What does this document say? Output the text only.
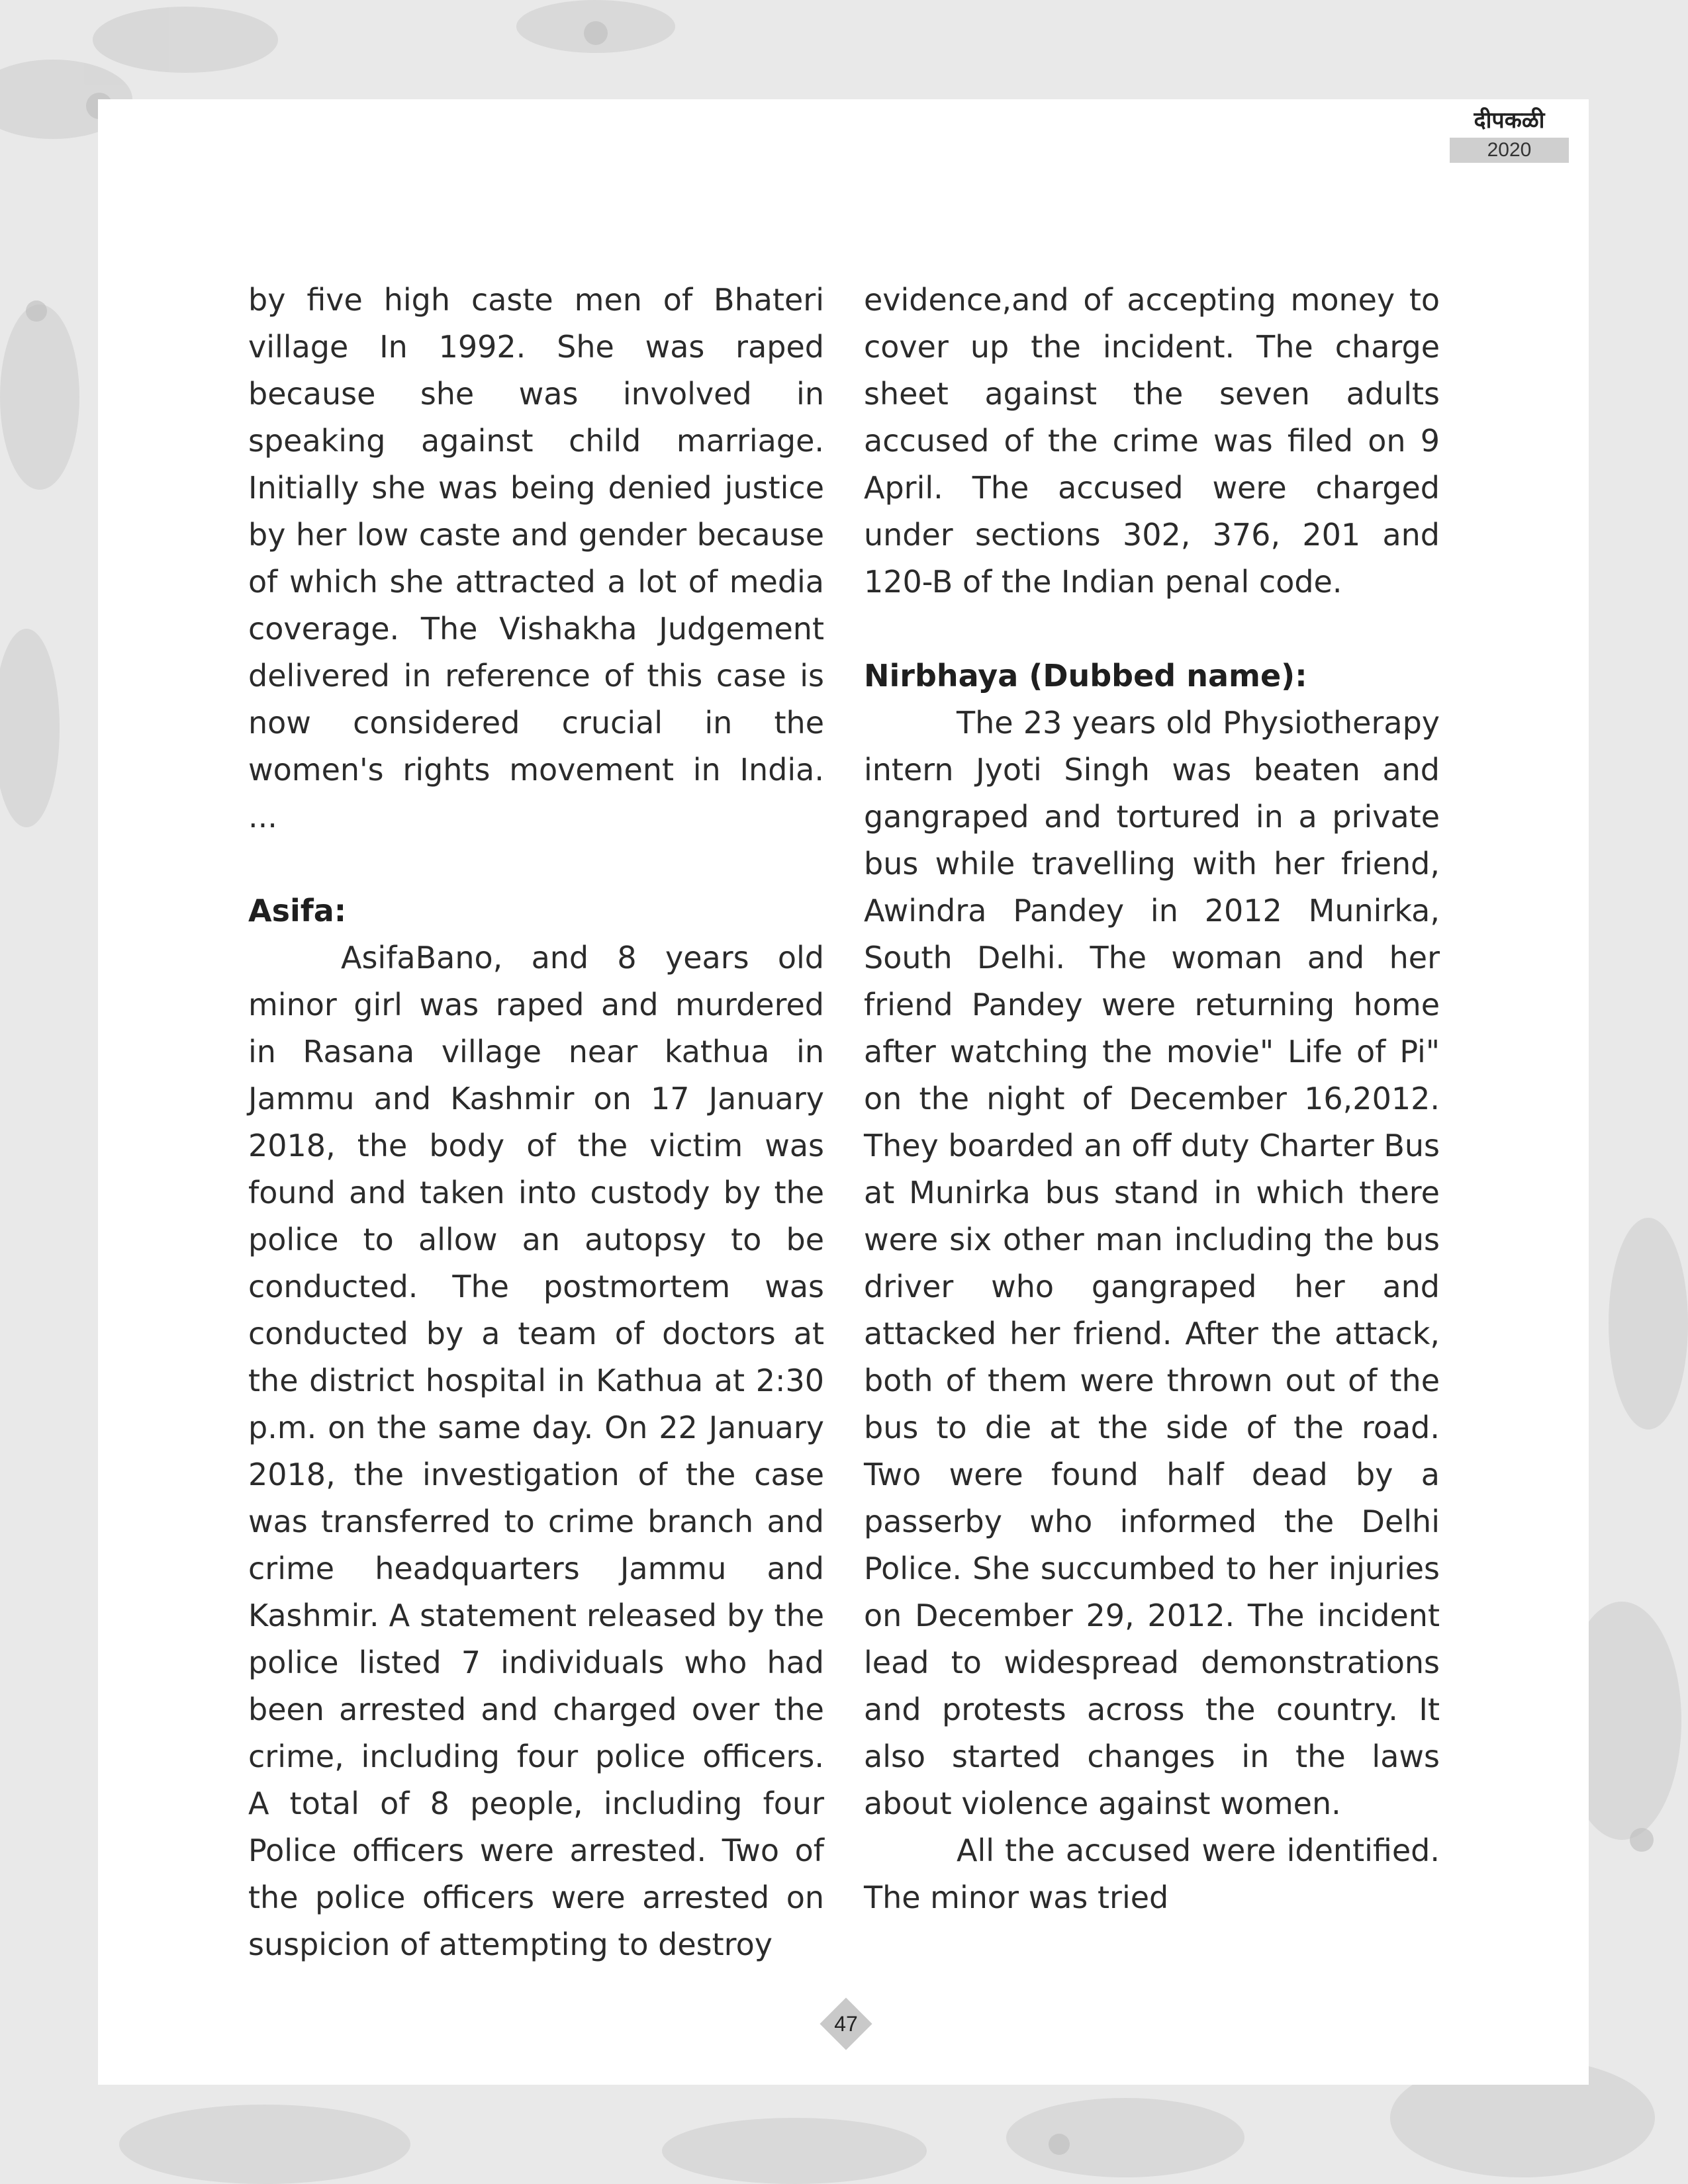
दीपकळी
2020

by five high caste men of Bhateri village In 1992. She was raped because she was involved in speaking against child marriage. Initially she was being denied justice by her low caste and gender because of which she attracted a lot of media coverage. The Vishakha Judgement delivered in reference of this case is now considered crucial in the women's rights movement in India. ...

Asifa:

AsifaBano, and 8 years old minor girl was raped and murdered in Rasana village near kathua in Jammu and Kashmir on 17 January 2018, the body of the victim was found and taken into custody by the police to allow an autopsy to be conducted. The postmortem was conducted by a team of doctors at the district hospital in Kathua at 2:30 p.m. on the same day. On 22 January 2018, the investigation of the case was transferred to crime branch and crime headquarters Jammu and Kashmir. A statement released by the police listed 7 individuals who had been arrested and charged over the crime, including four police officers. A total of 8 people, including four Police officers were arrested. Two of the police officers were arrested on suspicion of attempting to destroy

evidence,and of accepting money to cover up the incident. The charge sheet against the seven adults accused of the crime was filed on 9 April. The accused were charged under sections 302, 376, 201 and 120-B of the Indian penal code.

Nirbhaya (Dubbed name):

The 23 years old Physiotherapy intern Jyoti Singh was beaten and gangraped and tortured in a private bus while travelling with her friend, Awindra Pandey in 2012 Munirka, South Delhi. The woman and her friend Pandey were returning home after watching the movie" Life of Pi" on the night of December 16,2012. They boarded an off duty Charter Bus at Munirka bus stand in which there were six other man including the bus driver who gangraped her and attacked her friend. After the attack, both of them were thrown out of the bus to die at the side of the road. Two were found half dead by a passerby who informed the Delhi Police. She succumbed to her injuries on December 29, 2012. The incident lead to widespread demonstrations and protests across the country. It also started changes in the laws about violence against women.

All the accused were identified. The minor was tried

47
